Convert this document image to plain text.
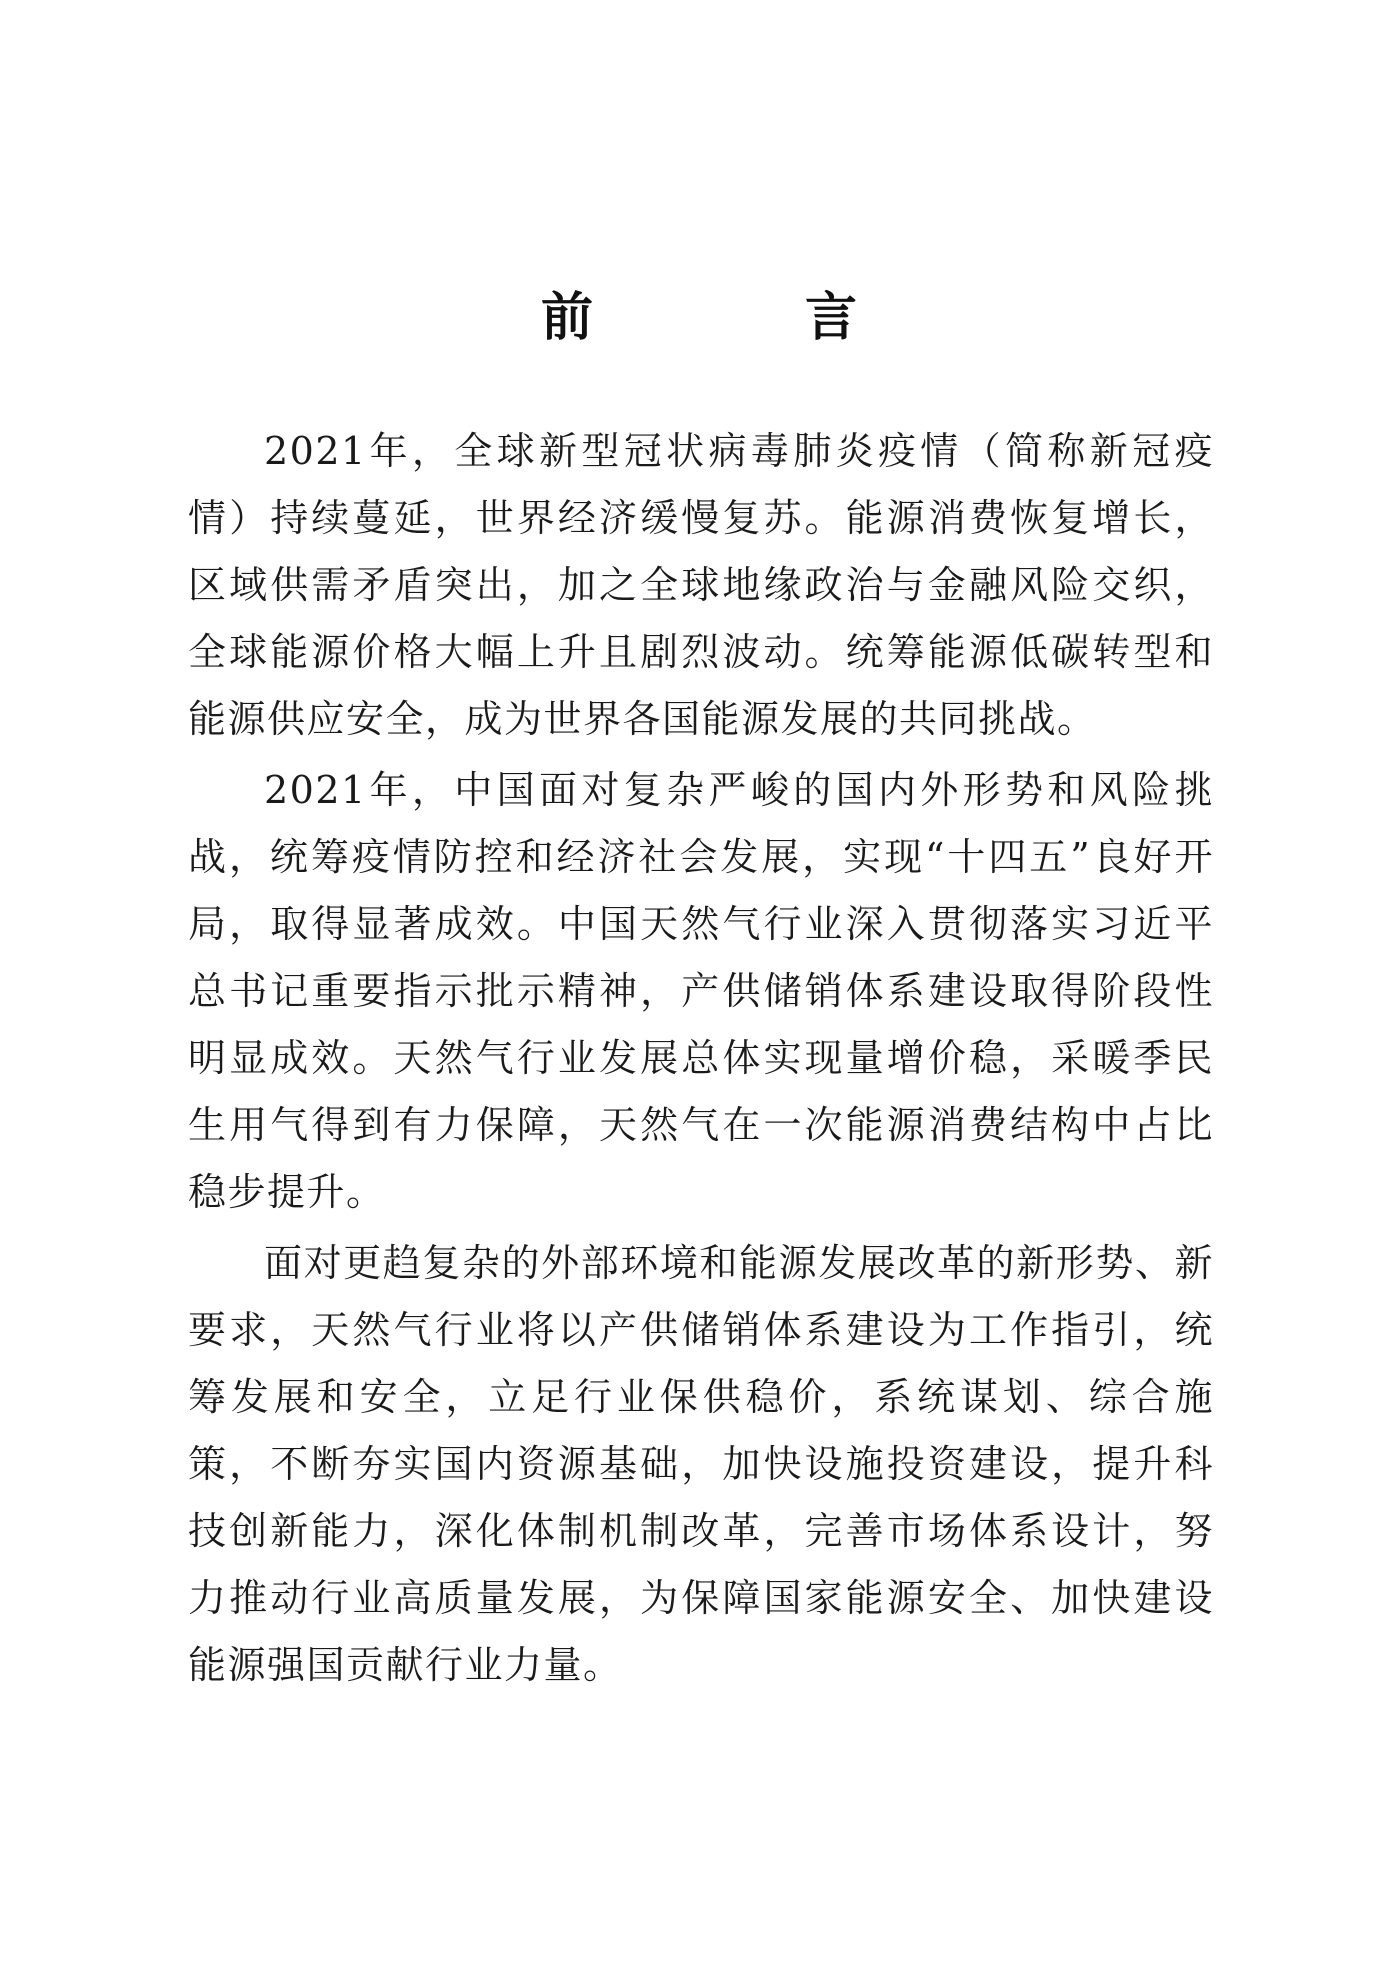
前　言

2021年，全球新型冠状病毒肺炎疫情（简称新冠疫情）持续蔓延，世界经济缓慢复苏。能源消费恢复增长，区域供需矛盾突出，加之全球地缘政治与金融风险交织，全球能源价格大幅上升且剧烈波动。统筹能源低碳转型和能源供应安全，成为世界各国能源发展的共同挑战。

2021年，中国面对复杂严峻的国内外形势和风险挑战，统筹疫情防控和经济社会发展，实现“十四五”良好开局，取得显著成效。中国天然气行业深入贯彻落实习近平总书记重要指示批示精神，产供储销体系建设取得阶段性明显成效。天然气行业发展总体实现量增价稳，采暖季民生用气得到有力保障，天然气在一次能源消费结构中占比稳步提升。

面对更趋复杂的外部环境和能源发展改革的新形势、新要求，天然气行业将以产供储销体系建设为工作指引，统筹发展和安全，立足行业保供稳价，系统谋划、综合施策，不断夯实国内资源基础，加快设施投资建设，提升科技创新能力，深化体制机制改革，完善市场体系设计，努力推动行业高质量发展，为保障国家能源安全、加快建设能源强国贡献行业力量。
